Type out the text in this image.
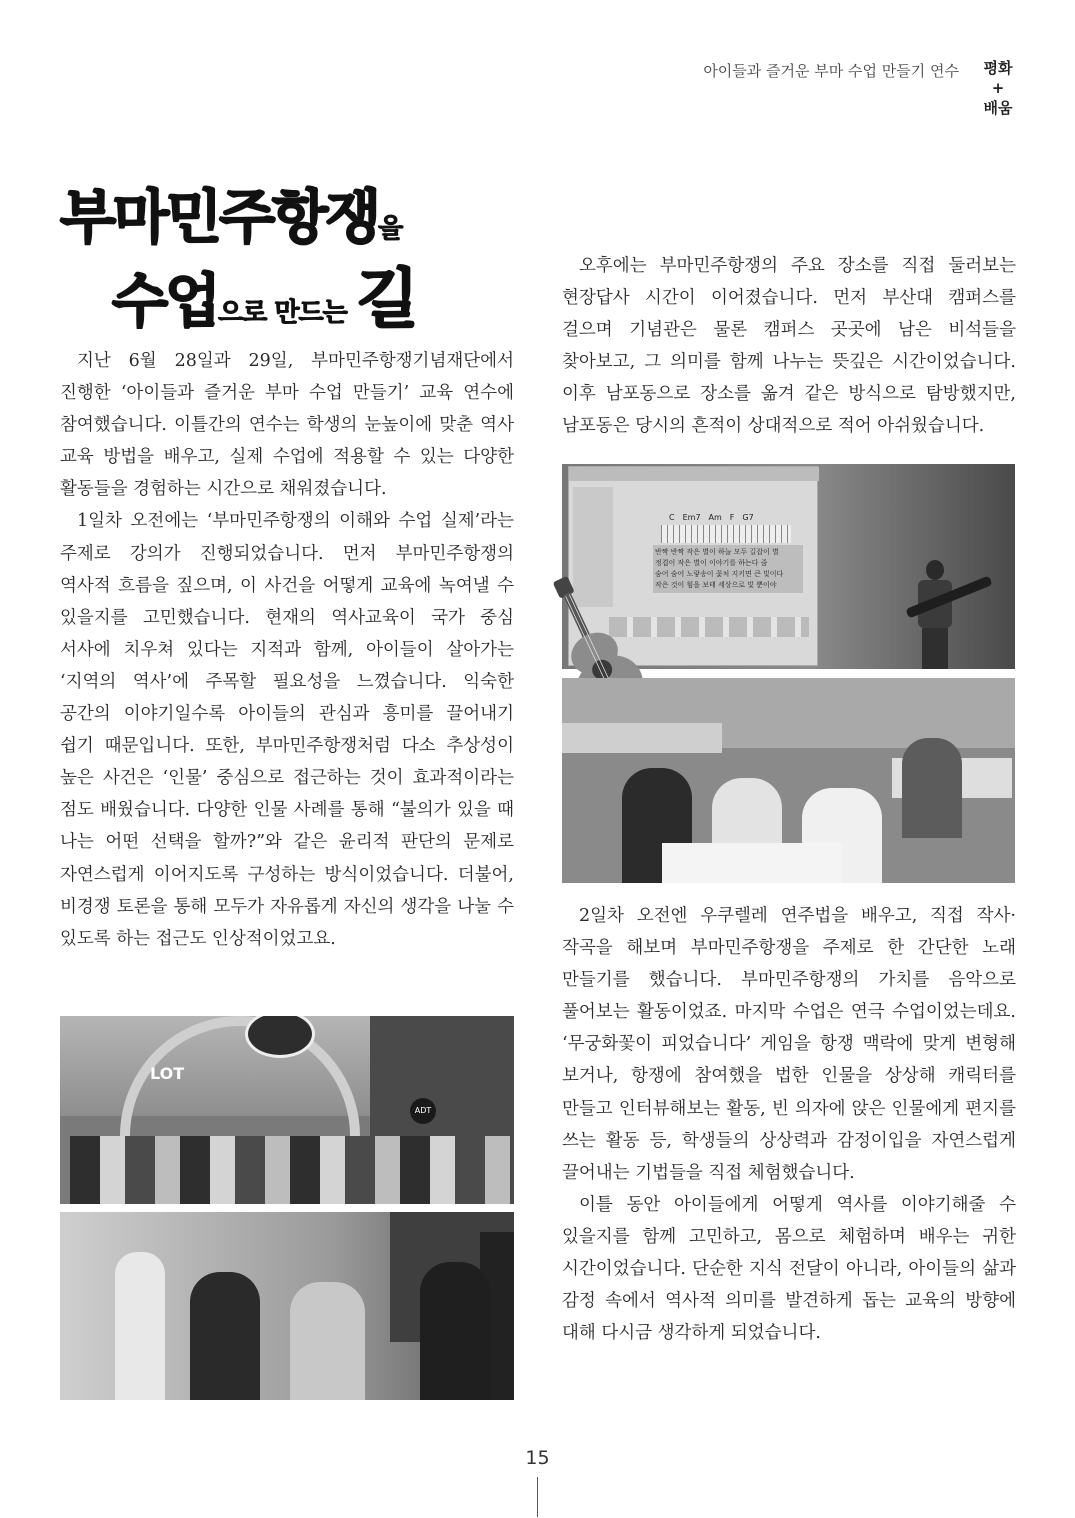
아이들과 즐거운 부마 수업 만들기 연수 평화
+
배움
부마민주항쟁을
수업으로 만드는 길

지난 6월 28일과 29일, 부마민주항쟁기념재단에서 진행한 ‘아이들과 즐거운 부마 수업 만들기’ 교육 연수에 참여했습니다. 이틀간의 연수는 학생의 눈높이에 맞춘 역사 교육 방법을 배우고, 실제 수업에 적용할 수 있는 다양한 활동들을 경험하는 시간으로 채워졌습니다.

1일차 오전에는 ‘부마민주항쟁의 이해와 수업 실제’라는 주제로 강의가 진행되었습니다. 먼저 부마민주항쟁의 역사적 흐름을 짚으며, 이 사건을 어떻게 교육에 녹여낼 수 있을지를 고민했습니다. 현재의 역사교육이 국가 중심 서사에 치우쳐 있다는 지적과 함께, 아이들이 살아가는 ‘지역의 역사’에 주목할 필요성을 느꼈습니다. 익숙한 공간의 이야기일수록 아이들의 관심과 흥미를 끌어내기 쉽기 때문입니다. 또한, 부마민주항쟁처럼 다소 추상성이 높은 사건은 ‘인물’ 중심으로 접근하는 것이 효과적이라는 점도 배웠습니다. 다양한 인물 사례를 통해 “불의가 있을 때 나는 어떤 선택을 할까?”와 같은 윤리적 판단의 문제로 자연스럽게 이어지도록 구성하는 방식이었습니다. 더불어, 비경쟁 토론을 통해 모두가 자유롭게 자신의 생각을 나눌 수 있도록 하는 접근도 인상적이었고요.

오후에는 부마민주항쟁의 주요 장소를 직접 둘러보는 현장답사 시간이 이어졌습니다. 먼저 부산대 캠퍼스를 걸으며 기념관은 물론 캠퍼스 곳곳에 남은 비석들을 찾아보고, 그 의미를 함께 나누는 뜻깊은 시간이었습니다. 이후 남포동으로 장소를 옮겨 같은 방식으로 탐방했지만, 남포동은 당시의 흔적이 상대적으로 적어 아쉬웠습니다.

C Em7 Am F G7
반짝 반짝 작은 별이 하늘 모두 길잡이 별
정겹이 작은 별이 이야기를 하는다 줌
숨어 숨어 노랗송이 꽃처 지키면 큰 빛이다
작은 것이 힘을 보태 세상으로 빛 뿐이야

2일차 오전엔 우쿠렐레 연주법을 배우고, 직접 작사·작곡을 해보며 부마민주항쟁을 주제로 한 간단한 노래 만들기를 했습니다. 부마민주항쟁의 가치를 음악으로 풀어보는 활동이었죠. 마지막 수업은 연극 수업이었는데요. ‘무궁화꽃이 피었습니다’ 게임을 항쟁 맥락에 맞게 변형해 보거나, 항쟁에 참여했을 법한 인물을 상상해 캐릭터를 만들고 인터뷰해보는 활동, 빈 의자에 앉은 인물에게 편지를 쓰는 활동 등, 학생들의 상상력과 감정이입을 자연스럽게 끌어내는 기법들을 직접 체험했습니다.

이틀 동안 아이들에게 어떻게 역사를 이야기해줄 수 있을지를 함께 고민하고, 몸으로 체험하며 배우는 귀한 시간이었습니다. 단순한 지식 전달이 아니라, 아이들의 삶과 감정 속에서 역사적 의미를 발견하게 돕는 교육의 방향에 대해 다시금 생각하게 되었습니다.

LOT
ADT
15
